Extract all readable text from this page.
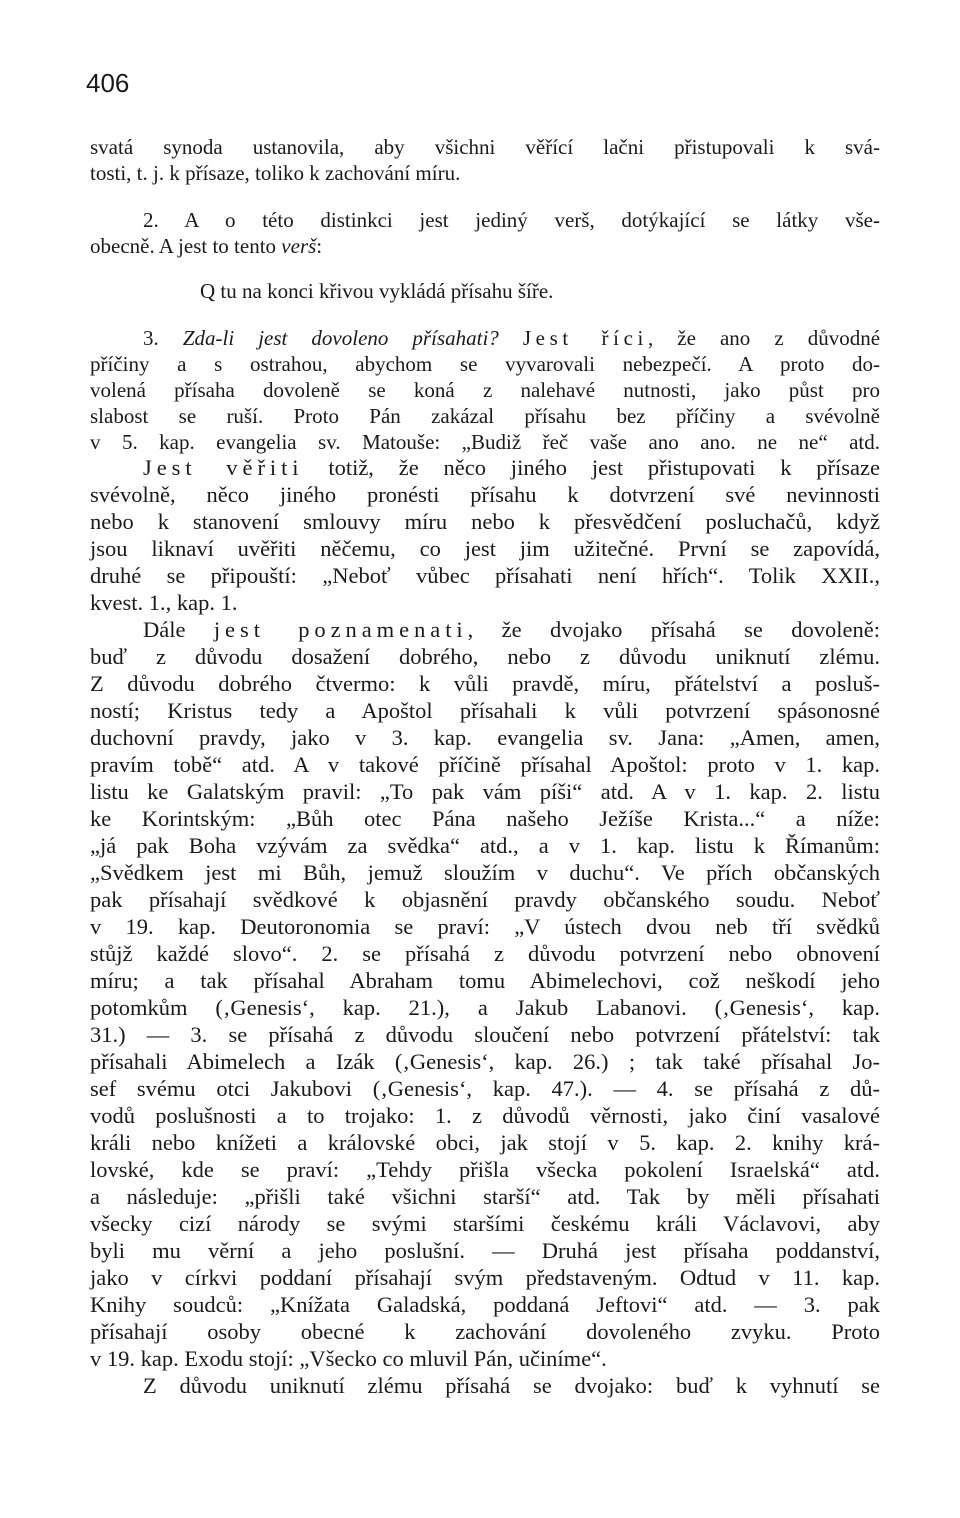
406
svatá synoda ustanovila, aby všichni věřící lačni přistupovali k svá-
tosti, t. j. k přísaze, toliko k zachování míru.
2. A o této distinkci jest jediný verš, dotýkající se látky vše-
obecně. A jest to tento verš:
Q tu na konci křivou vykládá přísahu šíře.
3. Zda-li jest dovoleno přísahati? Jest říci, že ano z důvodné
příčiny a s ostrahou, abychom se vyvarovali nebezpečí. A proto do-
volená přísaha dovoleně se koná z nalehavé nutnosti, jako půst pro
slabost se ruší. Proto Pán zakázal přísahu bez příčiny a svévolně
v 5. kap. evangelia sv. Matouše: „Budiž řeč vaše ano ano. ne ne“ atd.
Jest věřiti totiž, že něco jiného jest přistupovati k přísaze
svévolně, něco jiného pronésti přísahu k dotvrzení své nevinnosti
nebo k stanovení smlouvy míru nebo k přesvědčení posluchačů, když
jsou liknaví uvěřiti něčemu, co jest jim užitečné. První se zapovídá,
druhé se připouští: „Neboť vůbec přísahati není hřích“. Tolik XXII.,
kvest. 1., kap. 1.
Dále jest poznamenati, že dvojako přísahá se dovoleně:
buď z důvodu dosažení dobrého, nebo z důvodu uniknutí zlému.
Z důvodu dobrého čtvermo: k vůli pravdě, míru, přátelství a posluš-
ností; Kristus tedy a Apoštol přísahali k vůli potvrzení spásonosné
duchovní pravdy, jako v 3. kap. evangelia sv. Jana: „Amen, amen,
pravím tobě“ atd. A v takové příčině přísahal Apoštol: proto v 1. kap.
listu ke Galatským pravil: „To pak vám píši“ atd. A v 1. kap. 2. listu
ke Korintským: „Bůh otec Pána našeho Ježíše Krista...“ a níže:
„já pak Boha vzývám za svědka“ atd., a v 1. kap. listu k Římanům:
„Svědkem jest mi Bůh, jemuž sloužím v duchu“. Ve přích občanských
pak přísahají svědkové k objasnění pravdy občanského soudu. Neboť
v 19. kap. Deutoronomia se praví: „V ústech dvou neb tří svědků
stůjž každé slovo“. 2. se přísahá z důvodu potvrzení nebo obnovení
míru; a tak přísahal Abraham tomu Abimelechovi, což neškodí jeho
potomkům (‚Genesis‘, kap. 21.), a Jakub Labanovi. (‚Genesis‘, kap.
31.) — 3. se přísahá z důvodu sloučení nebo potvrzení přátelství: tak
přísahali Abimelech a Izák (‚Genesis‘, kap. 26.) ; tak také přísahal Jo-
sef svému otci Jakubovi (‚Genesis‘, kap. 47.). — 4. se přísahá z dů-
vodů poslušnosti a to trojako: 1. z důvodů věrnosti, jako činí vasalové
králi nebo knížeti a královské obci, jak stojí v 5. kap. 2. knihy krá-
lovské, kde se praví: „Tehdy přišla všecka pokolení Israelská“ atd.
a následuje: „přišli také všichni starší“ atd. Tak by měli přísahati
všecky cizí národy se svými staršími českému králi Václavovi, aby
byli mu věrní a jeho poslušní. — Druhá jest přísaha poddanství,
jako v církvi poddaní přísahají svým představeným. Odtud v 11. kap.
Knihy soudců: „Knížata Galadská, poddaná Jeftovi“ atd. — 3. pak
přísahají osoby obecné k zachování dovoleného zvyku. Proto
v 19. kap. Exodu stojí: „Všecko co mluvil Pán, učiníme“.
Z důvodu uniknutí zlému přísahá se dvojako: buď k vyhnutí se
